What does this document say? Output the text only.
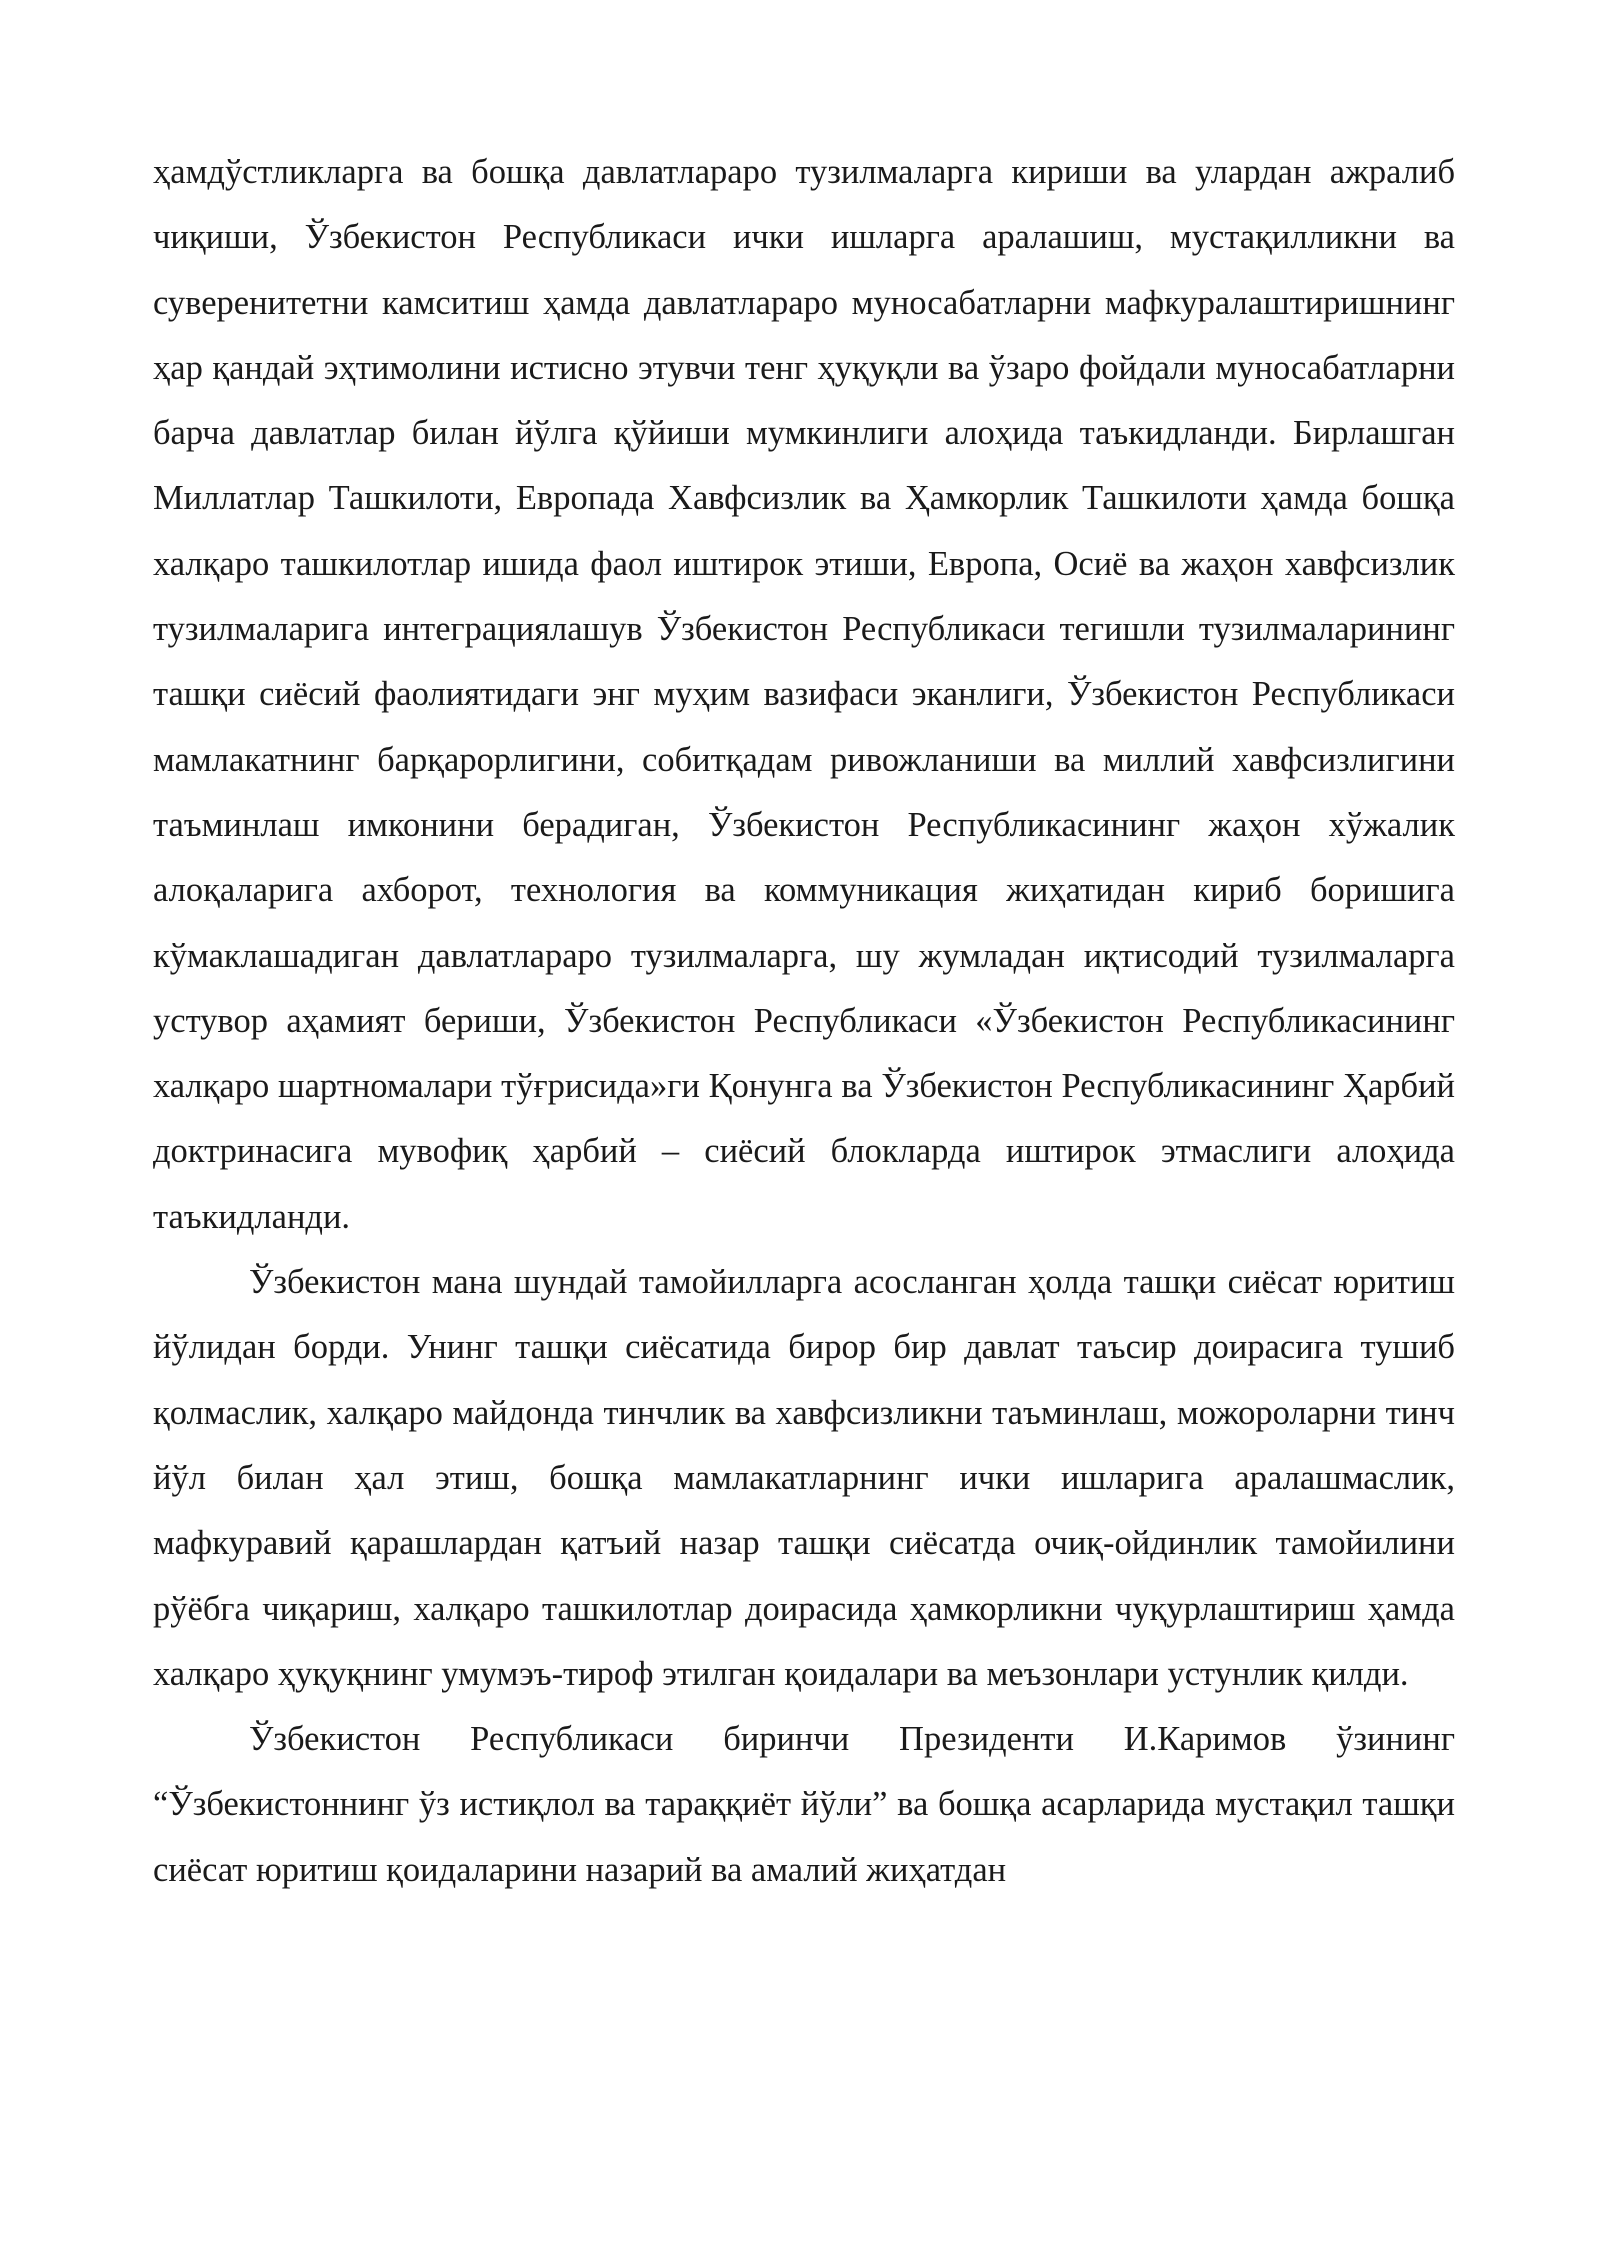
ҳамдўстликларга ва бошқа давлатлараро тузилмаларга кириши ва улардан ажралиб чиқиши, Ўзбекистон Республикаси ички ишларга аралашиш, мустақилликни ва суверенитетни камситиш ҳамда давлатлараро муносабатларни мафкуралаштиришнинг ҳар қандай эҳтимолини истисно этувчи тенг ҳуқуқли ва ўзаро фойдали муносабатларни барча давлатлар билан йўлга қўйиши мумкинлиги алоҳида таъкидланди. Бирлашган Миллатлар Ташкилоти, Европада Хавфсизлик ва Ҳамкорлик Ташкилоти ҳамда бошқа халқаро ташкилотлар ишида фаол иштирок этиши, Европа, Осиё ва жаҳон хавфсизлик тузилмаларига интеграциялашув Ўзбекистон Республикаси тегишли тузилмаларининг ташқи сиёсий фаолиятидаги энг муҳим вазифаси эканлиги, Ўзбекистон Республикаси мамлакатнинг барқарорлигини, собитқадам ривожланиши ва миллий хавфсизлигини таъминлаш имконини берадиган, Ўзбекистон Республикасининг жаҳон хўжалик алоқаларига ахборот, технология ва коммуникация жиҳатидан кириб боришига кўмаклашадиган давлатлараро тузилмаларга, шу жумладан иқтисодий тузилмаларга устувор аҳамият бериши, Ўзбекистон Республикаси «Ўзбекистон Республикасининг халқаро шартномалари тўғрисида»ги Қонунга ва Ўзбекистон Республикасининг Ҳарбий доктринасига мувофиқ ҳарбий – сиёсий блокларда иштирок этмаслиги алоҳида таъкидланди.

Ўзбекистон мана шундай тамойилларга асосланган ҳолда ташқи сиёсат юритиш йўлидан борди. Унинг ташқи сиёсатида бирор бир давлат таъсир доирасига тушиб қолмаслик, халқаро майдонда тинчлик ва хавфсизликни таъминлаш, можороларни тинч йўл билан ҳал этиш, бошқа мамлакатларнинг ички ишларига аралашмаслик, мафкуравий қарашлардан қатъий назар ташқи сиёсатда очиқ-ойдинлик тамойилини рўёбга чиқариш, халқаро ташкилотлар доирасида ҳамкорликни чуқурлаштириш ҳамда халқаро ҳуқуқнинг умумэъ-тироф этилган қоидалари ва меъзонлари устунлик қилди.

Ўзбекистон Республикаси биринчи Президенти И.Каримов ўзининг “Ўзбекистоннинг ўз истиқлол ва тараққиёт йўли” ва бошқа асарларида мустақил ташқи сиёсат юритиш қоидаларини назарий ва амалий жиҳатдан
